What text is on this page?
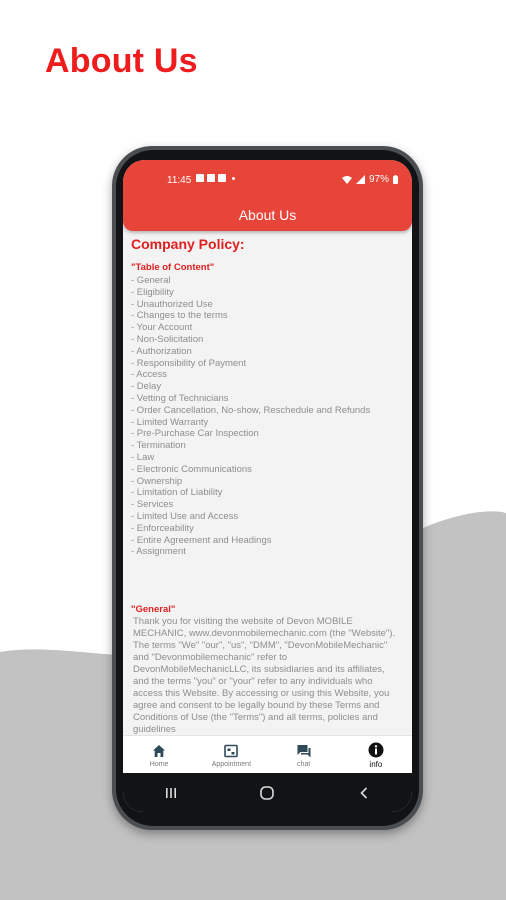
About Us
11:45	97%
About Us
Company Policy:
"Table of Content"
- General
- Eligibility
- Unauthorized Use
- Changes to the terms
- Your Account
- Non-Solicitation
- Authorization
- Responsibility of Payment
- Access
- Delay
- Vetting of Technicians
- Order Cancellation, No-show, Reschedule and Refunds
- Limited Warranty
- Pre-Purchase Car Inspection
- Termination
- Law
- Electronic Communications
- Ownership
- Limitation of Liability
- Services
- Limited Use and Access
- Enforceability
- Entire Agreement and Headings
- Assignment
"General"
Thank you for visiting the website of Devon MOBILE MECHANIC, www.devonmobilemechanic.com (the "Website"). The terms "We" "our", "us", "DMM", "DevonMobileMechanic" and "Devonmobilemechanic" refer to DevonMobileMechanicLLC, its subsidiaries and its affiliates, and the terms "you" or "your" refer to any individuals who access this Website. By accessing or using this Website, you agree and consent to be legally bound by these Terms and Conditions of Use (the "Terms") and all terms, policies and guidelines
Home	Appointment	chat	info
